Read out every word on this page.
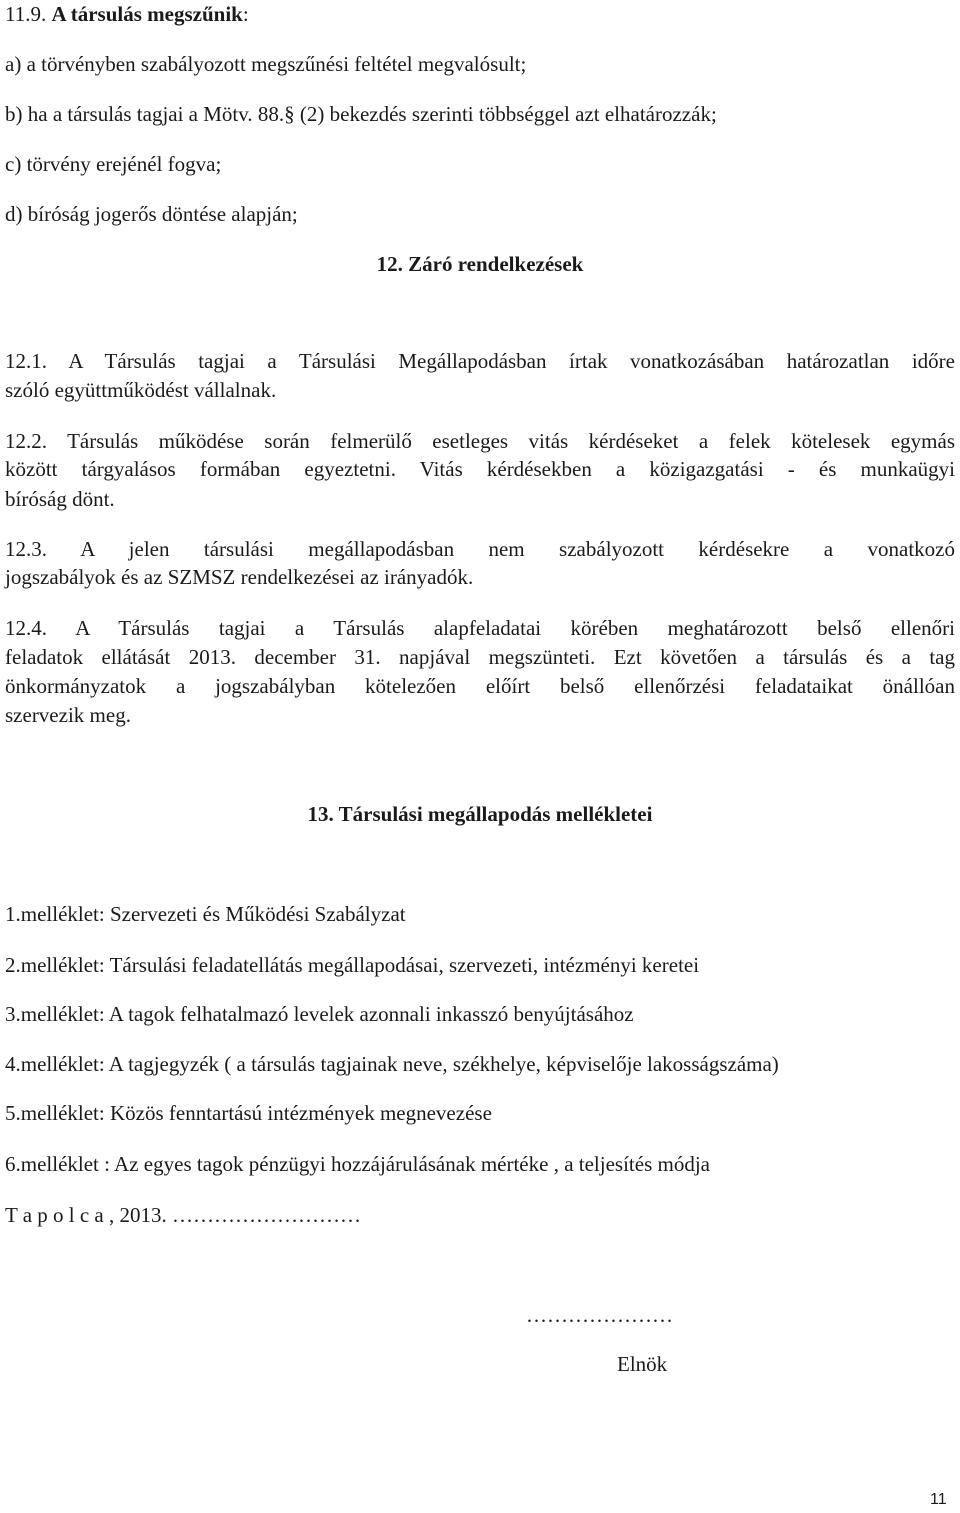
11.9. A társulás megszűnik:
a) a törvényben szabályozott megszűnési feltétel megvalósult;
b) ha a társulás tagjai a Mötv. 88.§ (2) bekezdés szerinti többséggel azt elhatározzák;
c) törvény erejénél fogva;
d) bíróság jogerős döntése alapján;
12. Záró rendelkezések
12.1. A Társulás tagjai a Társulási Megállapodásban írtak vonatkozásában határozatlan időre
szóló együttműködést vállalnak.
12.2. Társulás működése során felmerülő esetleges vitás kérdéseket a felek kötelesek egymás
között tárgyalásos formában egyeztetni. Vitás kérdésekben a közigazgatási - és munkaügyi
bíróság dönt.
12.3. A jelen társulási megállapodásban nem szabályozott kérdésekre a vonatkozó
jogszabályok és az SZMSZ rendelkezései az irányadók.
12.4. A Társulás tagjai a Társulás alapfeladatai körében meghatározott belső ellenőri
feladatok ellátását 2013. december 31. napjával megszünteti. Ezt követően a társulás és a tag
önkormányzatok a jogszabályban kötelezően előírt belső ellenőrzési feladataikat önállóan
szervezik meg.
13. Társulási megállapodás mellékletei
1.melléklet: Szervezeti és Működési Szabályzat
2.melléklet: Társulási feladatellátás megállapodásai, szervezeti, intézményi keretei
3.melléklet: A tagok felhatalmazó levelek azonnali inkasszó benyújtásához
4.melléklet: A tagjegyzék ( a társulás tagjainak neve, székhelye, képviselője lakosságszáma)
5.melléklet: Közös fenntartású intézmények megnevezése
6.melléklet : Az egyes tagok pénzügyi hozzájárulásának mértéke , a teljesítés módja
T a p o l c a , 2013. ………………………
…………………
Elnök
11
